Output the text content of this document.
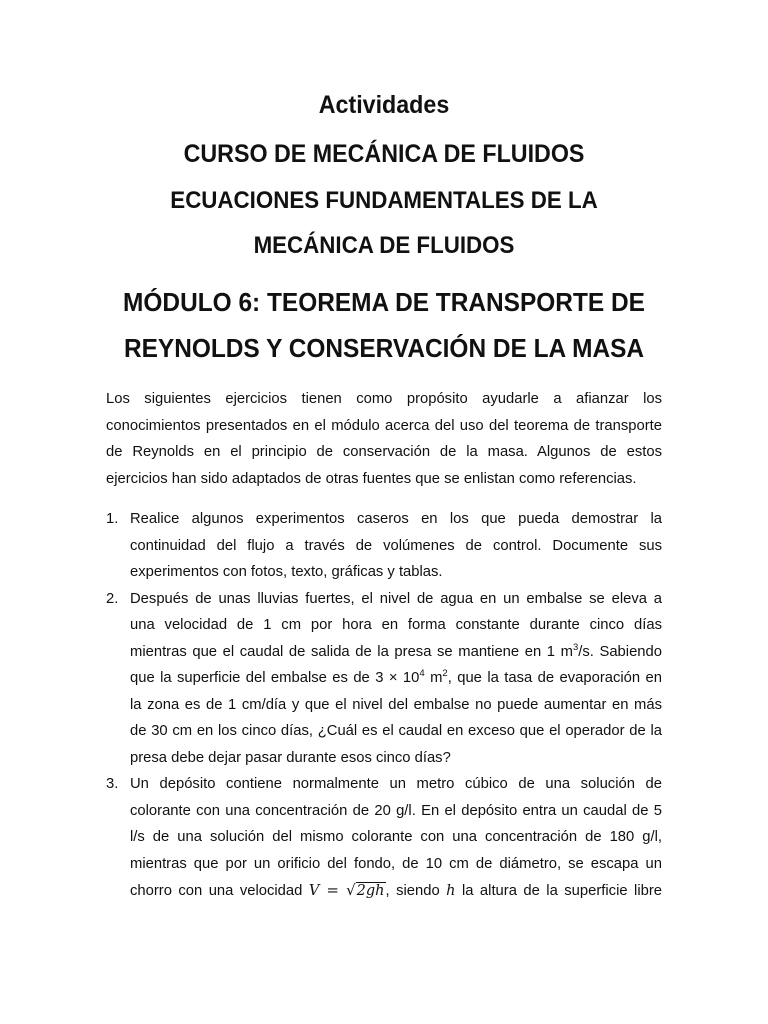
Actividades
CURSO DE MECÁNICA DE FLUIDOS
ECUACIONES FUNDAMENTALES DE LA
MECÁNICA DE FLUIDOS
MÓDULO 6: TEOREMA DE TRANSPORTE DE
REYNOLDS Y CONSERVACIÓN DE LA MASA
Los siguientes ejercicios tienen como propósito ayudarle a afianzar los
conocimientos presentados en el módulo acerca del uso del teorema de transporte
de Reynolds en el principio de conservación de la masa. Algunos de estos
ejercicios han sido adaptados de otras fuentes que se enlistan como referencias.
1. Realice algunos experimentos caseros en los que pueda demostrar la
continuidad del flujo a través de volúmenes de control. Documente sus
experimentos con fotos, texto, gráficas y tablas.
2. Después de unas lluvias fuertes, el nivel de agua en un embalse se eleva a
una velocidad de 1 cm por hora en forma constante durante cinco días
mientras que el caudal de salida de la presa se mantiene en 1 $m^3/s$. Sabiendo
que la superficie del embalse es de $3 \times 10^4$ $m^2$, que la tasa de evaporación en
la zona es de 1 cm/día y que el nivel del embalse no puede aumentar en más
de 30 cm en los cinco días, ¿Cuál es el caudal en exceso que el operador de la
presa debe dejar pasar durante esos cinco días?
3. Un depósito contiene normalmente un metro cúbico de una solución de
colorante con una concentración de 20 g/l. En el depósito entra un caudal de 5
l/s de una solución del mismo colorante con una concentración de 180 g/l,
mientras que por un orificio del fondo, de 10 cm de diámetro, se escapa un
chorro con una velocidad V = √2gh, siendo h la altura de la superficie libre
